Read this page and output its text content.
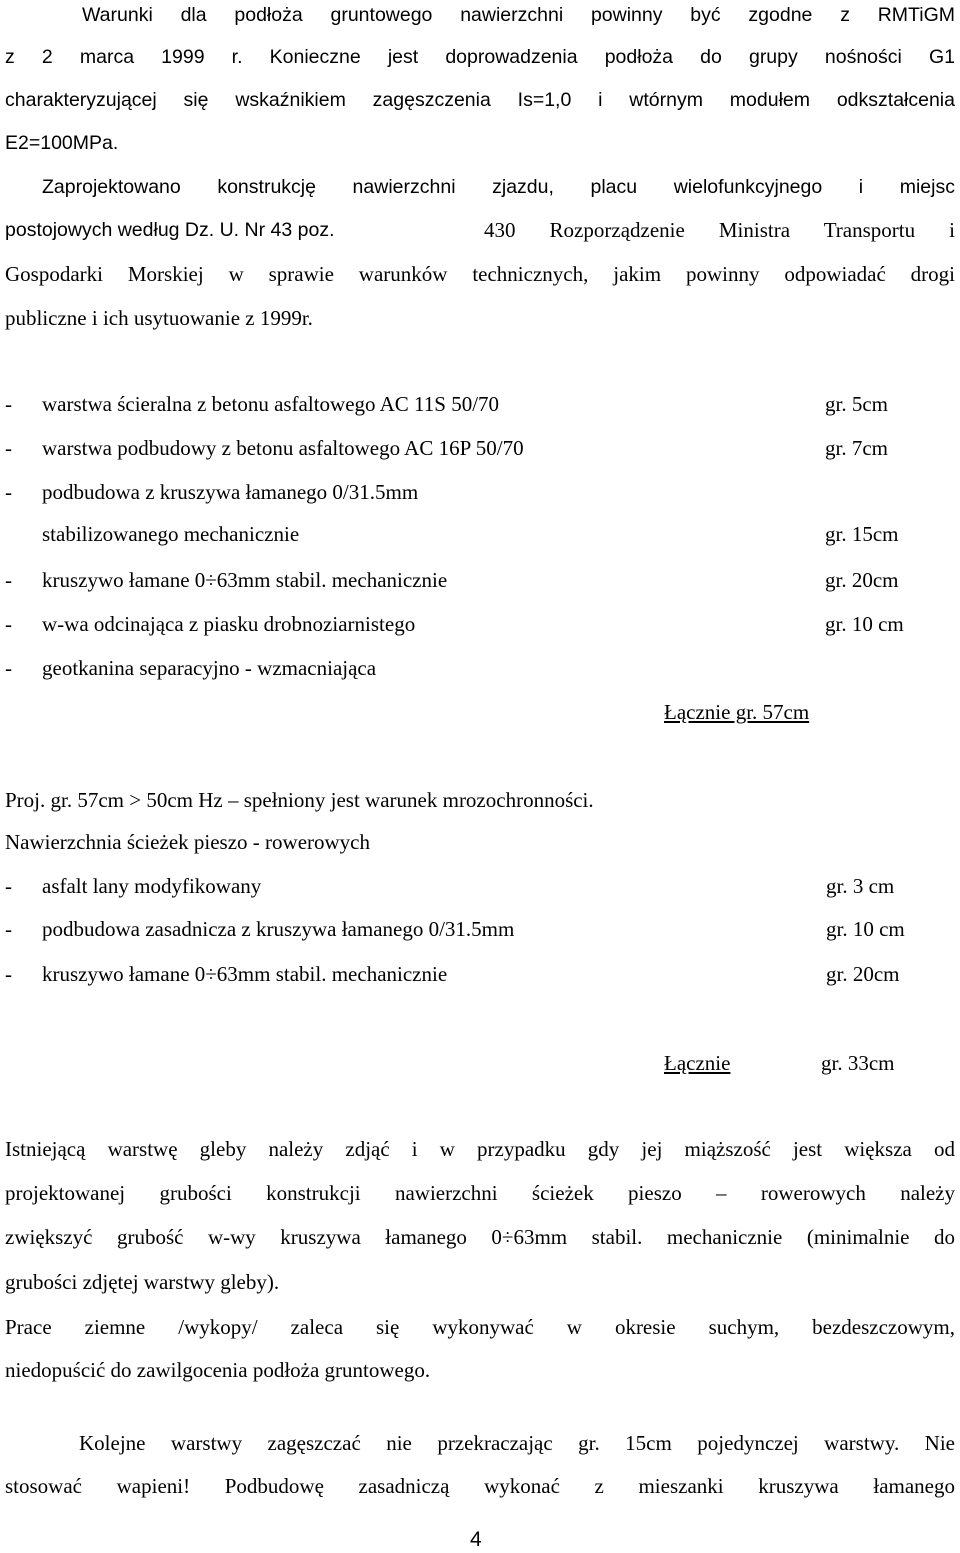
Warunki dla podłoża gruntowego nawierzchni powinny być zgodne z RMTiGM
z 2 marca 1999 r. Konieczne jest doprowadzenia podłoża do grupy nośności G1
charakteryzującej się wskaźnikiem zagęszczenia Is=1,0 i wtórnym modułem odkształcenia
E2=100MPa.
Zaprojektowano konstrukcję nawierzchni zjazdu, placu wielofunkcyjnego i miejsc
postojowych według Dz. U. Nr 43 poz.	430 Rozporządzenie Ministra Transportu i
Gospodarki Morskiej w sprawie warunków technicznych, jakim powinny odpowiadać drogi
publiczne i ich usytuowanie z 1999r.
- warstwa ścieralna z betonu asfaltowego AC 11S 50/70	gr. 5cm
- warstwa podbudowy z betonu asfaltowego AC 16P 50/70	gr. 7cm
- podbudowa z kruszywa łamanego 0/31.5mm
stabilizowanego mechanicznie	gr. 15cm
- kruszywo łamane 0÷63mm stabil. mechanicznie	gr. 20cm
- w-wa odcinająca z piasku drobnoziarnistego	gr. 10 cm
- geotkanina separacyjno - wzmacniająca
Łącznie gr. 57cm
Proj. gr. 57cm > 50cm Hz – spełniony jest warunek mrozochronności.
Nawierzchnia ścieżek pieszo - rowerowych
- asfalt lany modyfikowany	gr. 3 cm
- podbudowa zasadnicza z kruszywa łamanego 0/31.5mm	gr. 10 cm
- kruszywo łamane 0÷63mm stabil. mechanicznie	gr. 20cm
Łącznie	gr. 33cm
Istniejącą warstwę gleby należy zdjąć i w przypadku gdy jej miąższość jest większa od
projektowanej grubości konstrukcji nawierzchni ścieżek pieszo – rowerowych należy
zwiększyć grubość w-wy kruszywa łamanego 0÷63mm stabil. mechanicznie (minimalnie do
grubości zdjętej warstwy gleby).
Prace ziemne /wykopy/ zaleca się wykonywać w okresie suchym, bezdeszczowym,
niedopuścić do zawilgocenia podłoża gruntowego.
Kolejne warstwy zagęszczać nie przekraczając gr. 15cm pojedynczej warstwy. Nie
stosować wapieni! Podbudowę zasadniczą wykonać z mieszanki kruszywa łamanego
4
